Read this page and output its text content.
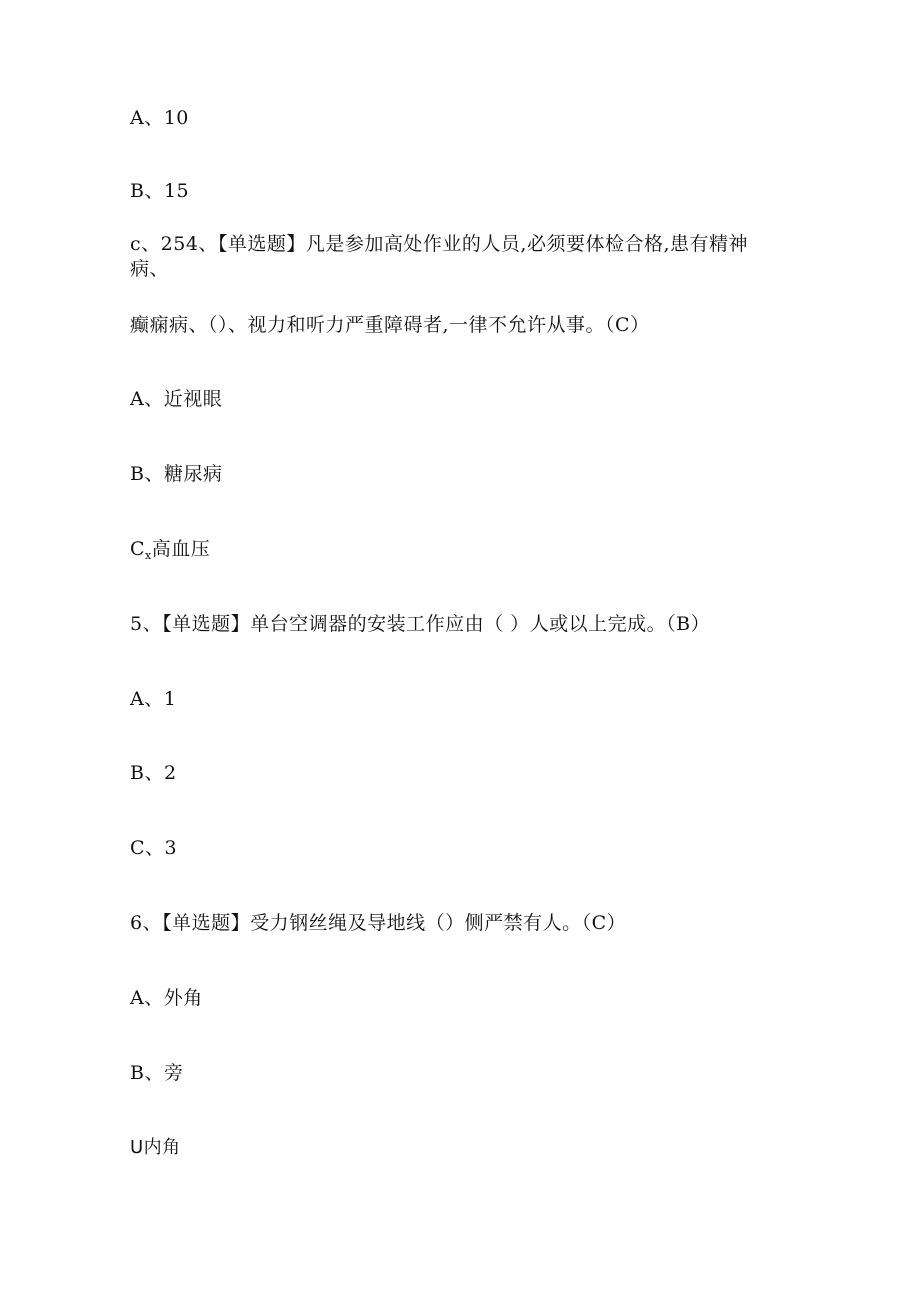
A、10
B、15
c、254、【单选题】凡是参加高处作业的人员,必须要体检合格,患有精神
病、
癫痫病、（）、视力和听力严重障碍者,一律不允许从事。（C）
A、近视眼
B、糖尿病
$C_x$高血压
5、【单选题】单台空调器的安装工作应由（ ）人或以上完成。（B）
A、1
B、2
C、3
6、【单选题】受力钢丝绳及导地线（）侧严禁有人。（C）
A、外角
B、旁
U内角
